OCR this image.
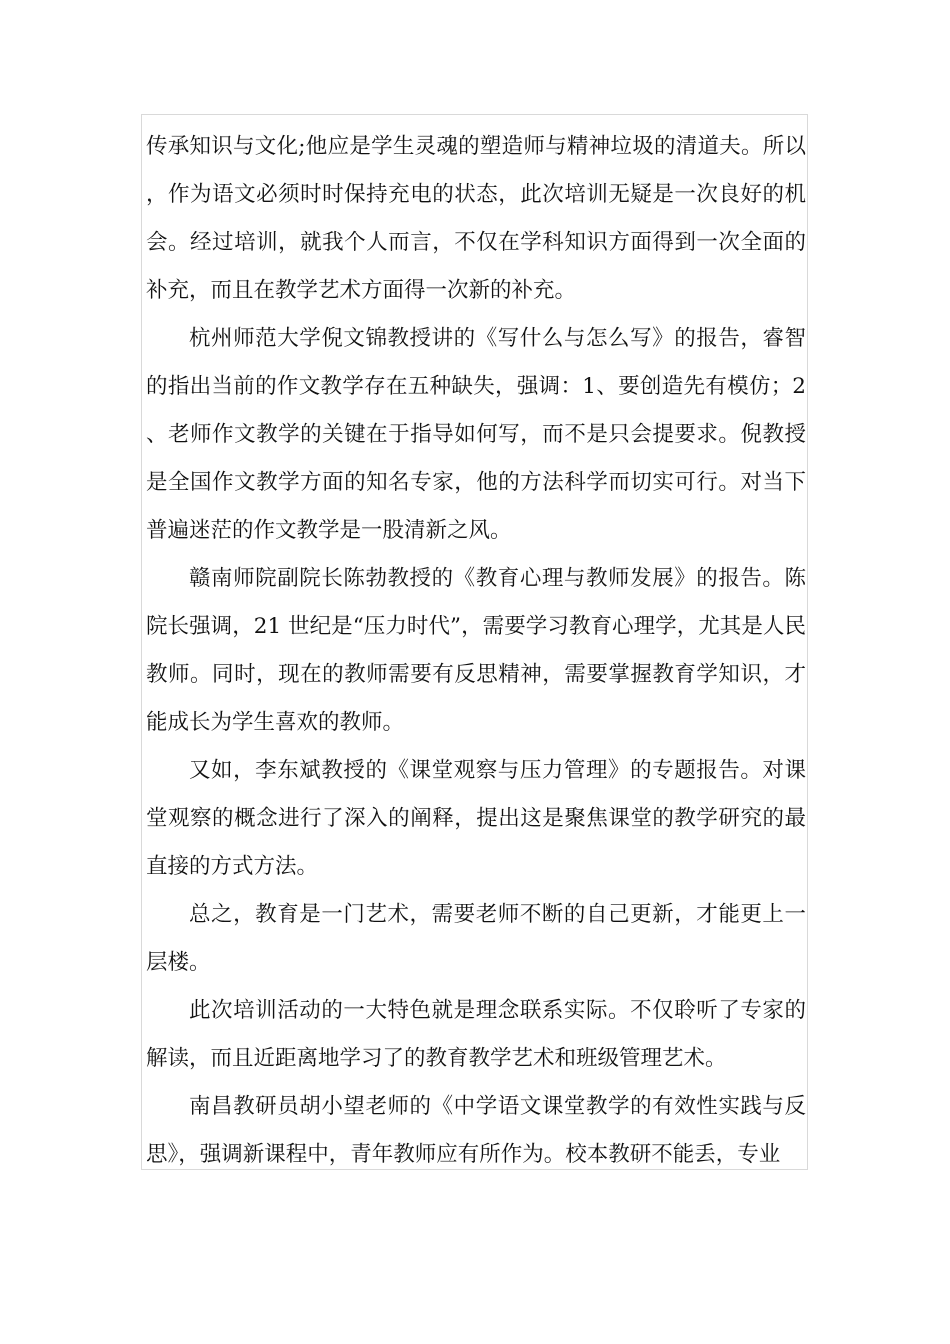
传承知识与文化;他应是学生灵魂的塑造师与精神垃圾的清道夫。所以，作为语文必须时时保持充电的状态，此次培训无疑是一次良好的机会。经过培训，就我个人而言，不仅在学科知识方面得到一次全面的补充，而且在教学艺术方面得一次新的补充。

杭州师范大学倪文锦教授讲的《写什么与怎么写》的报告，睿智的指出当前的作文教学存在五种缺失，强调：1、要创造先有模仿；2、老师作文教学的关键在于指导如何写，而不是只会提要求。倪教授是全国作文教学方面的知名专家，他的方法科学而切实可行。对当下普遍迷茫的作文教学是一股清新之风。

赣南师院副院长陈勃教授的《教育心理与教师发展》的报告。陈院长强调，21 世纪是“压力时代”，需要学习教育心理学，尤其是人民教师。同时，现在的教师需要有反思精神，需要掌握教育学知识，才能成长为学生喜欢的教师。

又如，李东斌教授的《课堂观察与压力管理》的专题报告。对课堂观察的概念进行了深入的阐释，提出这是聚焦课堂的教学研究的最直接的方式方法。

总之，教育是一门艺术，需要老师不断的自己更新，才能更上一层楼。

此次培训活动的一大特色就是理念联系实际。不仅聆听了专家的解读，而且近距离地学习了的教育教学艺术和班级管理艺术。

南昌教研员胡小望老师的《中学语文课堂教学的有效性实践与反思》，强调新课程中，青年教师应有所作为。校本教研不能丢，专业
